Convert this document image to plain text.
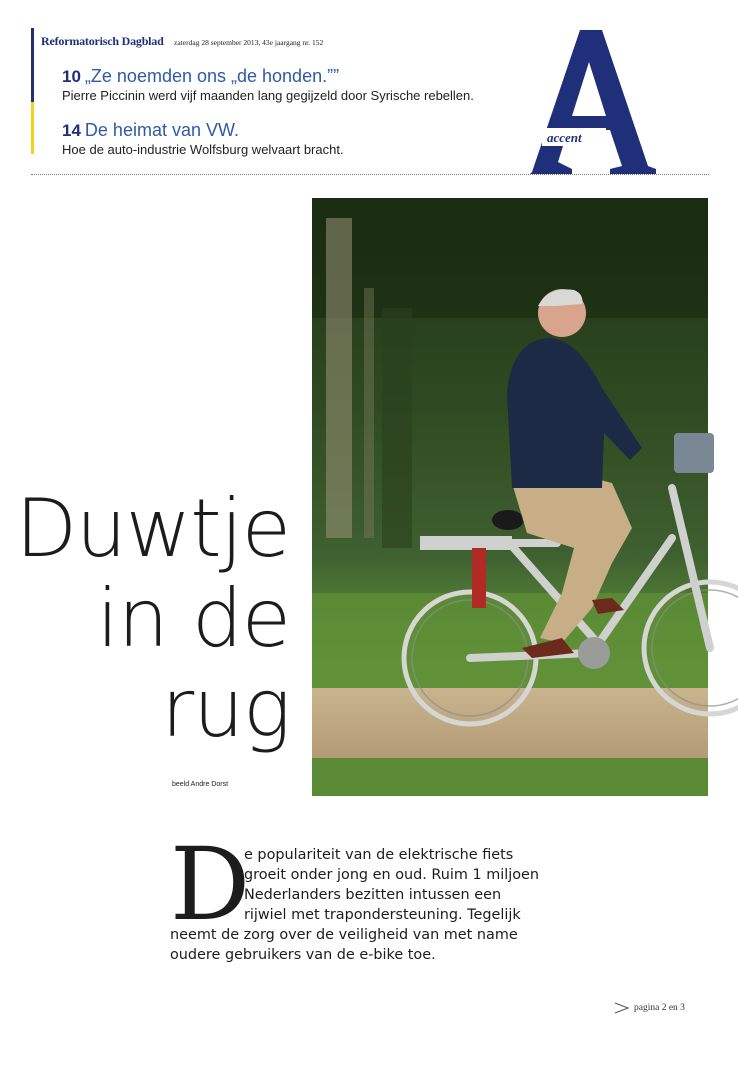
Reformatorisch Dagblad zaterdag 28 september 2013, 43e jaargang nr. 152
10 „Ze noemden ons „de honden.””
Pierre Piccinin werd vijf maanden lang gegijzeld door Syrische rebellen.
14 De heimat van VW.
Hoe de auto-industrie Wolfsburg welvaart bracht.
accent
Duwtje
in de
rug
beeld Andre Dorst
D

e populariteit van de elektrische fiets groeit onder jong en oud. Ruim 1 miljoen Nederlanders bezitten intussen een rijwiel met trapondersteuning. Tegelijk neemt de zorg over de veiligheid van met name oudere gebruikers van de e-bike toe.

pagina 2 en 3
